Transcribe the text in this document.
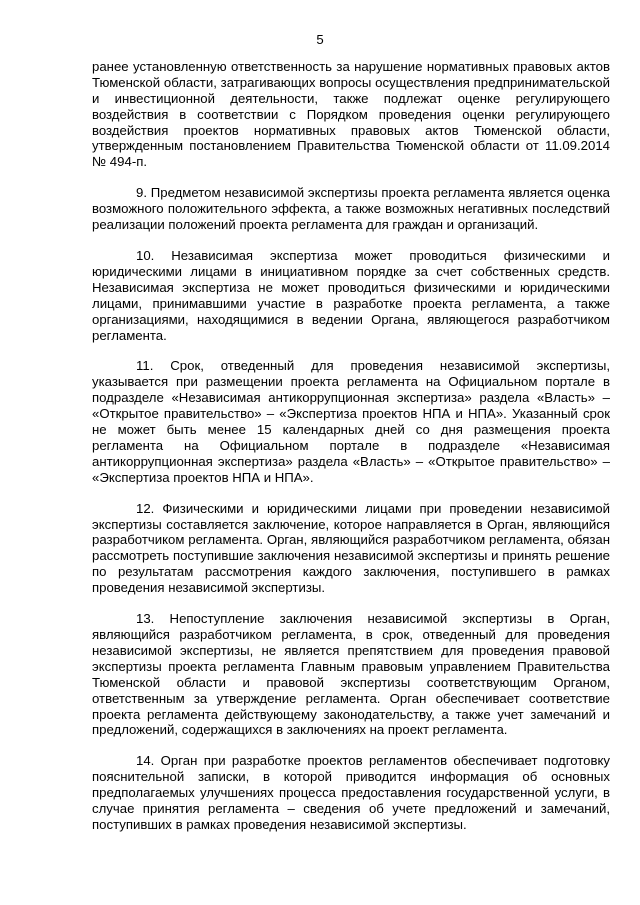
5

ранее установленную ответственность за нарушение нормативных правовых актов Тюменской области, затрагивающих вопросы осуществления предпринимательской и инвестиционной деятельности, также подлежат оценке регулирующего воздействия в соответствии с Порядком проведения оценки регулирующего воздействия проектов нормативных правовых актов Тюменской области, утвержденным постановлением Правительства Тюменской области от 11.09.2014 № 494-п.

9. Предметом независимой экспертизы проекта регламента является оценка возможного положительного эффекта, а также возможных негативных последствий реализации положений проекта регламента для граждан и организаций.

10. Независимая экспертиза может проводиться физическими и юридическими лицами в инициативном порядке за счет собственных средств. Независимая экспертиза не может проводиться физическими и юридическими лицами, принимавшими участие в разработке проекта регламента, а также организациями, находящимися в ведении Органа, являющегося разработчиком регламента.

11. Срок, отведенный для проведения независимой экспертизы, указывается при размещении проекта регламента на Официальном портале в подразделе «Независимая антикоррупционная экспертиза» раздела «Власть» – «Открытое правительство» – «Экспертиза проектов НПА и НПА». Указанный срок не может быть менее 15 календарных дней со дня размещения проекта регламента на Официальном портале в подразделе «Независимая антикоррупционная экспертиза» раздела «Власть» – «Открытое правительство» – «Экспертиза проектов НПА и НПА».

12. Физическими и юридическими лицами при проведении независимой экспертизы составляется заключение, которое направляется в Орган, являющийся разработчиком регламента. Орган, являющийся разработчиком регламента, обязан рассмотреть поступившие заключения независимой экспертизы и принять решение по результатам рассмотрения каждого заключения, поступившего в рамках проведения независимой экспертизы.

13. Непоступление заключения независимой экспертизы в Орган, являющийся разработчиком регламента, в срок, отведенный для проведения независимой экспертизы, не является препятствием для проведения правовой экспертизы проекта регламента Главным правовым управлением Правительства Тюменской области и правовой экспертизы соответствующим Органом, ответственным за утверждение регламента. Орган обеспечивает соответствие проекта регламента действующему законодательству, а также учет замечаний и предложений, содержащихся в заключениях на проект регламента.

14. Орган при разработке проектов регламентов обеспечивает подготовку пояснительной записки, в которой приводится информация об основных предполагаемых улучшениях процесса предоставления государственной услуги, в случае принятия регламента – сведения об учете предложений и замечаний, поступивших в рамках проведения независимой экспертизы.
